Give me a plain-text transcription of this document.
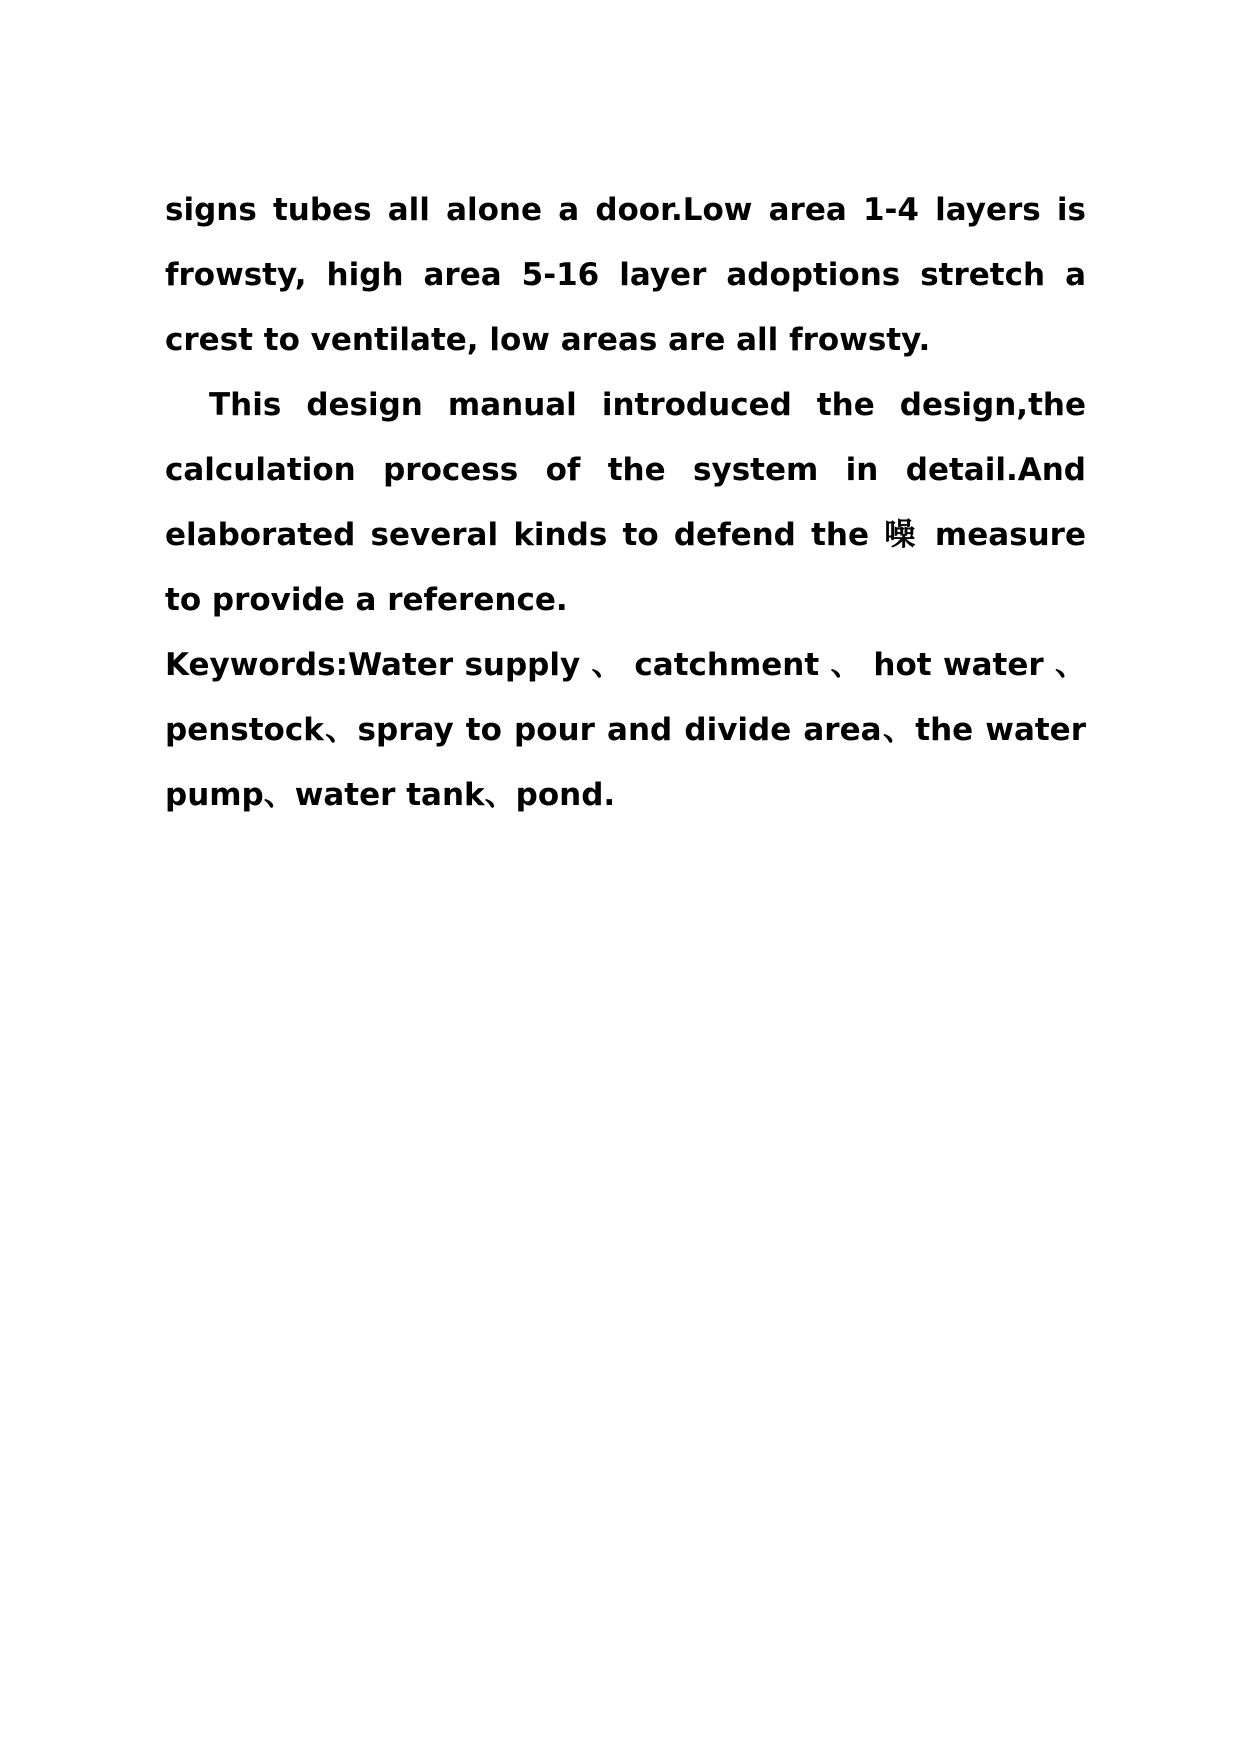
signs tubes all alone a door.Low area 1-4 layers is frowsty, high area 5-16 layer adoptions stretch a crest to ventilate, low areas are all frowsty.

This design manual introduced the design,the calculation process of the system in detail.And elaborated several kinds to defend the 噪 measure to provide a reference.

Keywords:Water supply 、 catchment 、 hot water 、 penstock、spray to pour and divide area、the water pump、water tank、pond.
